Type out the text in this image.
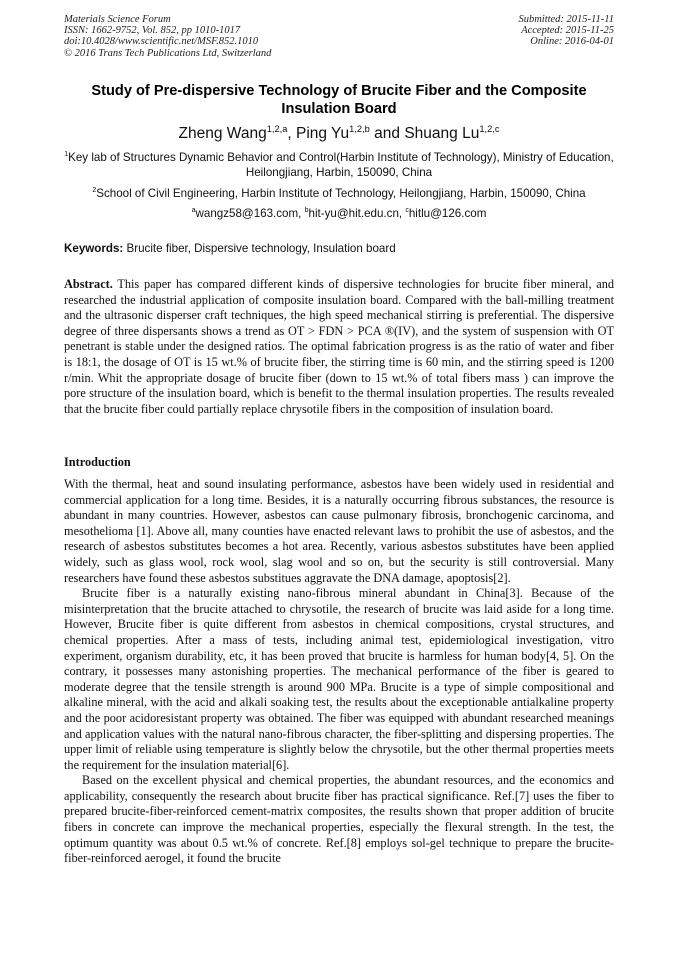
Materials Science Forum
ISSN: 1662-9752, Vol. 852, pp 1010-1017
doi:10.4028/www.scientific.net/MSF.852.1010
© 2016 Trans Tech Publications Ltd, Switzerland
Submitted: 2015-11-11
Accepted: 2015-11-25
Online: 2016-04-01
Study of Pre-dispersive Technology of Brucite Fiber and the Composite Insulation Board
Zheng Wang$^{1,2,a}$, Ping Yu$^{1,2,b}$ and Shuang Lu$^{1,2,c}$
$^1$Key lab of Structures Dynamic Behavior and Control(Harbin Institute of Technology), Ministry of Education, Heilongjiang, Harbin, 150090, China
$^2$School of Civil Engineering, Harbin Institute of Technology, Heilongjiang, Harbin, 150090, China
$^a$wangz58@163.com, $^b$hit-yu@hit.edu.cn, $^c$hitlu@126.com
Keywords: Brucite fiber, Dispersive technology, Insulation board
Abstract. This paper has compared different kinds of dispersive technologies for brucite fiber mineral, and researched the industrial application of composite insulation board. Compared with the ball-milling treatment and the ultrasonic disperser craft techniques, the high speed mechanical stirring is preferential. The dispersive degree of three dispersants shows a trend as OT > FDN > PCA ®(IV), and the system of suspension with OT penetrant is stable under the designed ratios. The optimal fabrication progress is as the ratio of water and fiber is 18:1, the dosage of OT is 15 wt.% of brucite fiber, the stirring time is 60 min, and the stirring speed is 1200 r/min. Whit the appropriate dosage of brucite fiber (down to 15 wt.% of total fibers mass ) can improve the pore structure of the insulation board, which is benefit to the thermal insulation properties. The results revealed that the brucite fiber could partially replace chrysotile fibers in the composition of insulation board.
Introduction

With the thermal, heat and sound insulating performance, asbestos have been widely used in residential and commercial application for a long time. Besides, it is a naturally occurring fibrous substances, the resource is abundant in many countries. However, asbestos can cause pulmonary fibrosis, bronchogenic carcinoma, and mesothelioma [1]. Above all, many counties have enacted relevant laws to prohibit the use of asbestos, and the research of asbestos substitutes becomes a hot area. Recently, various asbestos substitutes have been applied widely, such as glass wool, rock wool, slag wool and so on, but the security is still controversial. Many researchers have found these asbestos substitues aggravate the DNA damage, apoptosis[2].

Brucite fiber is a naturally existing nano-fibrous mineral abundant in China[3]. Because of the misinterpretation that the brucite attached to chrysotile, the research of brucite was laid aside for a long time. However, Brucite fiber is quite different from asbestos in chemical compositions, crystal structures, and chemical properties. After a mass of tests, including animal test, epidemiological investigation, vitro experiment, organism durability, etc, it has been proved that brucite is harmless for human body[4, 5]. On the contrary, it possesses many astonishing properties. The mechanical performance of the fiber is geared to moderate degree that the tensile strength is around 900 MPa. Brucite is a type of simple compositional and alkaline mineral, with the acid and alkali soaking test, the results about the exceptionable antialkaline property and the poor acidoresistant property was obtained. The fiber was equipped with abundant researched meanings and application values with the natural nano-fibrous character, the fiber-splitting and dispersing properties. The upper limit of reliable using temperature is slightly below the chrysotile, but the other thermal properties meets the requirement for the insulation material[6].

Based on the excellent physical and chemical properties, the abundant resources, and the economics and applicability, consequently the research about brucite fiber has practical significance. Ref.[7] uses the fiber to prepared brucite-fiber-reinforced cement-matrix composites, the results shown that proper addition of brucite fibers in concrete can improve the mechanical properties, especially the flexural strength. In the test, the optimum quantity was about 0.5 wt.% of concrete. Ref.[8] employs sol-gel technique to prepare the brucite-fiber-reinforced aerogel, it found the brucite
